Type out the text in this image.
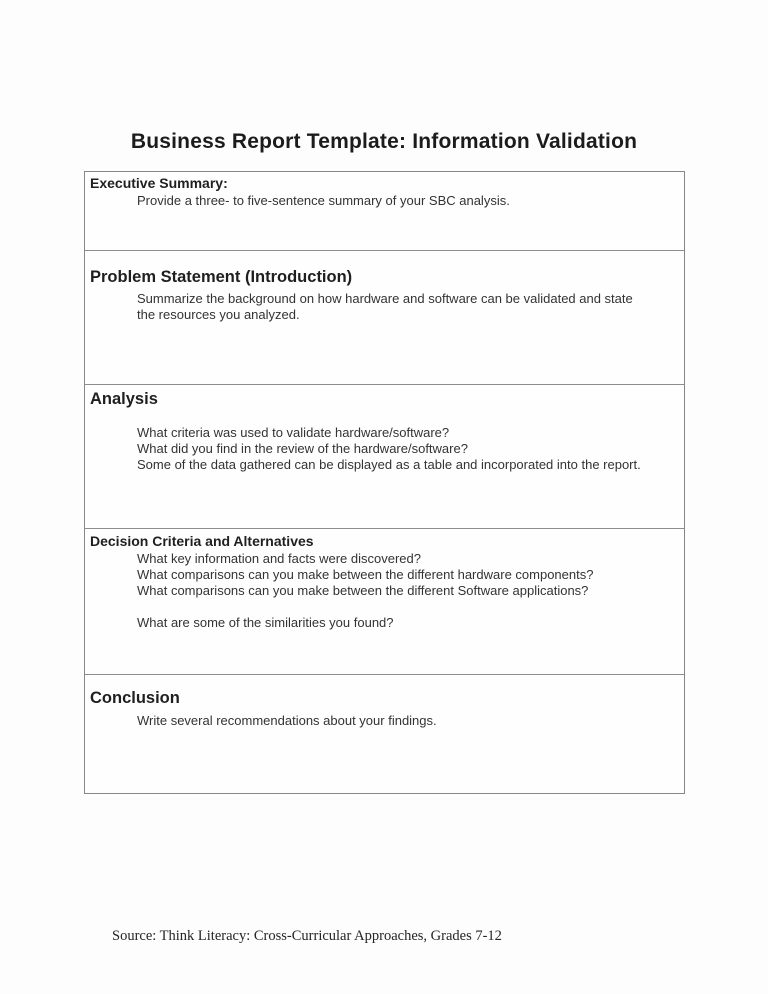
Business Report Template: Information Validation

Executive Summary:

Provide a three- to five-sentence summary of your SBC analysis.

Problem Statement (Introduction)

Summarize the background on how hardware and software can be validated and state

the resources you analyzed.

Analysis

What criteria was used to validate hardware/software?

What did you find in the review of the hardware/software?

Some of the data gathered can be displayed as a table and incorporated into the report.

Decision Criteria and Alternatives

What key information and facts were discovered?

What comparisons can you make between the different hardware components?

What comparisons can you make between the different Software applications?

What are some of the similarities you found?

Conclusion

Write several recommendations about your findings.

Source: Think Literacy: Cross-Curricular Approaches, Grades 7-12
